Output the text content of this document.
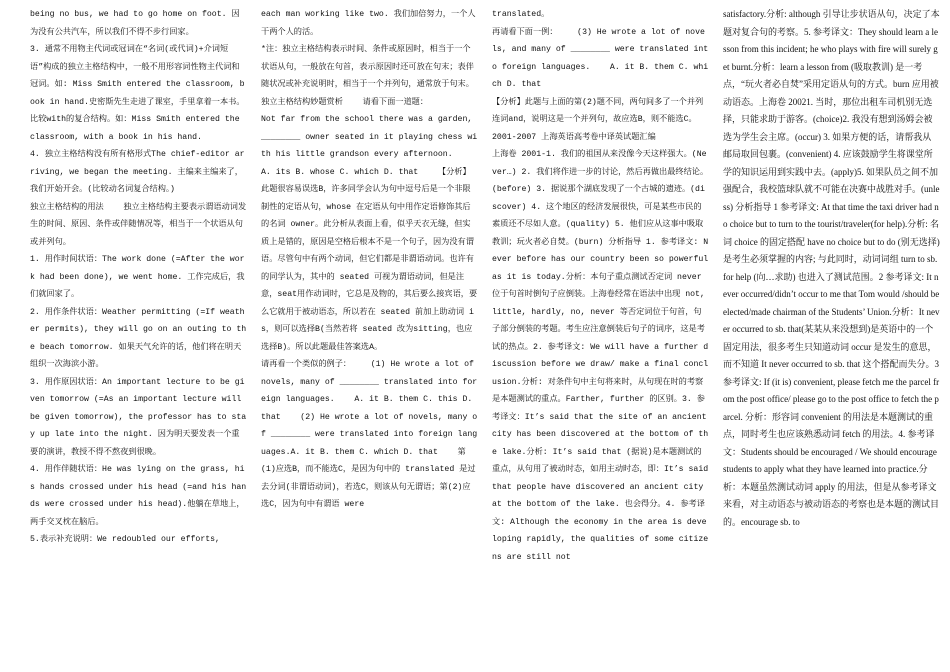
being no bus, we had to go home on foot. 因为没有公共汽车，所以我们不得不步行回家。

3. 通常不用物主代词或冠词在“名词(或代词)+介词短语”构成的独立主格结构中，一般不用形容词性物主代词和冠词。如: Miss Smith entered the classroom, book in hand.史密斯先生走进了课室，手里拿着一本书。比较with的复合结构。如：Miss Smith entered the classroom, with a book in his hand.

4. 独立主格结构没有所有格形式The chief-editor arriving, we began the meeting. 主编来主编来了，我们开始开会。(比较动名词复合结构。)

独立主格结构的用法    独立主格结构主要表示谓语动词发生的时间、原因、条件或伴随情况等，相当于一个状语从句或并列句。

1. 用作时间状语：The work done (=After the work had been done), we went home. 工作完成后，我们就回家了。

2. 用作条件状语：Weather permitting (=If weather permits), they will go on an outing to the beach tomorrow. 如果天气允许的话，他们将在明天组织一次海滨小游。

3. 用作原因状语：An important lecture to be given tomorrow (=As an important lecture will be given tomorrow), the professor has to stay up late into the night. 因为明天要发表一个重要的演讲，教授不得不熬夜到很晚。

4. 用作伴随状语：He was lying on the grass, his hands crossed under his head (=and his hands were crossed under his head).他躺在草地上，两手交叉枕在脑后。

5.表示补充说明：We redoubled our efforts,

each man working like two. 我们加倍努力，一个人干两个人的活。

*注：独立主格结构表示时间、条件或原因时，相当于一个状语从句，一般放在句首，表示原因时还可放在句末；表伴随状况或补充说明时，相当于一个并列句，通常放于句末。    独立主格结构妙题赏析    请看下面一道题：

Not far from the school there was a garden, ________ owner seated in it playing chess with his little grandson every afternoon.    A. its B. whose C. which D. that    【分析】此题很容易误选B，许多同学会认为句中逗号后是一个非限制性的定语从句，whose 在定语从句中用作定语修饰其后的名词 owner。此分析从表面上看，似乎天衣无缝，但实质上是错的，原因是空格后根本不是一个句子，因为没有谓语。尽管句中有两个动词，但它们都是非谓语动词。也许有的同学认为，其中的 seated 可视为谓语动词，但是注意，seat用作动词时，它总是及物的，其后要么接宾语，要么它就用于被动语态，所以若在 seated 前加上助动词 is，则可以选择B(当然若将 seated 改为sitting，也应选择B)。所以此题最佳答案选A。

请再看一个类似的例子：    (1) He wrote a lot of novels, many of ________ translated into foreign languages.    A. it B. them C. this D. that    (2) He wrote a lot of novels, many of ________ were translated into foreign languages.A. it B. them C. which D. that    第(1)应选B，而不能选C，是因为句中的 translated 是过去分词(非谓语动词)，若选C，则该从句无谓语；第(2)应选C，因为句中有谓语 were

translated。

再请看下面一例：    (3) He wrote a lot of novels, and many of ________ were translated into foreign languages.    A. it B. them C. which D. that

【分析】此题与上面的第(2)题不同，两句间多了一个并列连词and，说明这是一个并列句，故应选B，则不能选C。

2001-2007 上海英语高考卷中译英试题汇编

上海卷 2001-1. 我们的祖国从来没像今天这样强大。(Never…) 2. 我们将作进一步的讨论，然后再做出最终结论。(before) 3. 据说那个湖底发现了一个古城的遗迹。(discover) 4. 这个地区的经济发展很快，可是某些市民的素质还不尽如人意。(quality) 5. 他们应从这事中吸取教训；玩火者必自焚。(burn) 分析指导 1. 参考译文: Never before has our country been so powerful as it is today.分析：本句子重点测试否定词 never 位于句首时倒句子应倒装。上海卷经常在语法中出现 not, little, hardly, no, never 等否定词位于句首，句子部分倒装的考题。考生应注意倒装后句子的词序，这是考试的热点。2. 参考译文: We will have a further discussion before we draw/ make a final conclusion.分析: 对条件句中主句将来时，从句现在时的考察是本题测试的重点。Farther, further 的区别。3. 参考译文：It’s said that the site of an ancient city has been discovered at the bottom of the lake.分析: It’s said that (据说)是本题测试的重点，从句用了被动时态，如用主动时态，即：It’s said that people have discovered an ancient city at the bottom of the lake. 也会得分。4. 参考译文: Although the economy in the area is developing rapidly, the qualities of some citizens are still not

satisfactory.分析: although 引导让步状语从句，决定了本题对复合句的考察。5. 参考译文：They should learn a lesson from this incident; he who plays with fire will surely get burnt.分析：learn a lesson from (吸取教训) 是一考点，“玩火者必自焚”采用定语从句的方式。burn 应用被动语态。上海卷 20021. 当时，那位出租车司机别无选择，只能求助于游客。(choice)2. 我没有想到汤姆会被选为学生会主席。(occur) 3. 如果方便的话，请帮我从邮局取回包裹。(convenient) 4. 应该鼓励学生将课堂所学的知识运用到实践中去。(apply)5. 如果队员之间不加强配合，我校篮球队就不可能在决赛中战胜对手。(unless) 分析指导 1 参考译文: At that time the taxi driver had no choice but to turn to the tourist/traveler(for help).分析: 名词 choice 的固定搭配 have no choice but to do (别无选择) 是考生必须掌握的内容; 与此同时，动词词组 turn to sb. for help (向…求助) 也进入了测试范围。2 参考译文: It never occurred/didn’t occur to me that Tom would /should be elected/made chairman of the Students’ Union.分析：It never occurred to sb. that(某某从来没想到)是英语中的一个固定用法，很多考生只知道动词 occur 是发生的意思，而不知道 It never occurred to sb. that 这个搭配而失分。3 参考译文: If (it is) convenient, please fetch me the parcel from the post office/ please go to the post office to fetch the parcel. 分析：形容词 convenient 的用法是本题测试的重点，同时考生也应该熟悉动词 fetch 的用法。4. 参考译文：Students should be encouraged / We should encourage students to apply what they have learned into practice.分析：本题虽然测试动词 apply 的用法，但是从参考译文来看，对主动语态与被动语态的考察也是本题的测试目的。encourage sb. to
